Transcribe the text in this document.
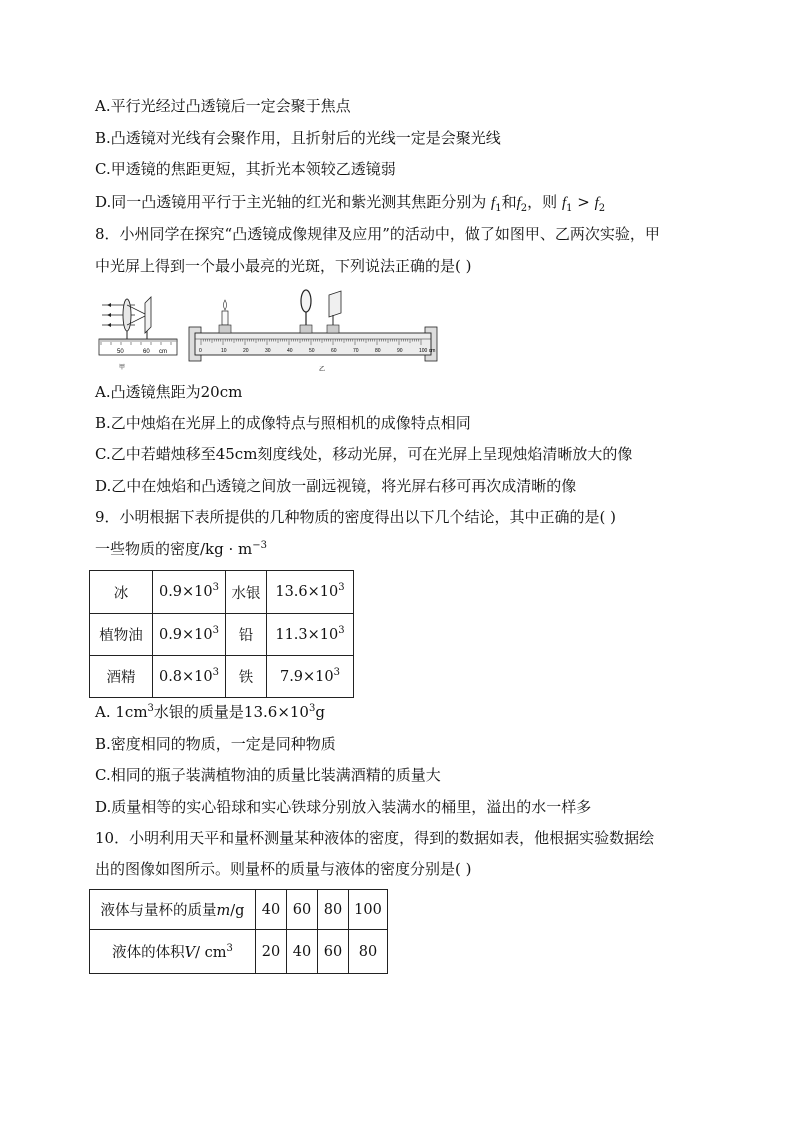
A.平行光经过凸透镜后一定会聚于焦点
B.凸透镜对光线有会聚作用，且折射后的光线一定是会聚光线
C.甲透镜的焦距更短，其折光本领较乙透镜弱
D.同一凸透镜用平行于主光轴的红光和紫光测其焦距分别为 $f_1$和$f_2$，则 $f_1 > f_2$
8．小州同学在探究“凸透镜成像规律及应用”的活动中，做了如图甲、乙两次实验，甲
中光屏上得到一个最小最亮的光斑，下列说法正确的是( )
50	60 cm
甲
0	10	20	30	40	50	60	70	80	90	100 cm
乙
A.凸透镜焦距为20cm
B.乙中烛焰在光屏上的成像特点与照相机的成像特点相同
C.乙中若蜡烛移至45cm刻度线处，移动光屏，可在光屏上呈现烛焰清晰放大的像
D.乙中在烛焰和凸透镜之间放一副远视镜，将光屏右移可再次成清晰的像
9．小明根据下表所提供的几种物质的密度得出以下几个结论，其中正确的是( )
一些物质的密度$/kg \cdot m^{-3}$
冰	$0.9\times 10^3$	水银	$13.6\times 10^3$
植物油	$0.9\times 10^3$	铅	$11.3\times 10^3$
酒精	$0.8\times 10^3$	铁	$7.9\times 10^3$
A. $1cm^3$水银的质量是$13.6\times 10^3g$
B.密度相同的物质，一定是同种物质
C.相同的瓶子装满植物油的质量比装满酒精的质量大
D.质量相等的实心铅球和实心铁球分别放入装满水的桶里，溢出的水一样多
10．小明利用天平和量杯测量某种液体的密度，得到的数据如表，他根据实验数据绘
出的图像如图所示。则量杯的质量与液体的密度分别是( )
液体与量杯的质量m/g	40	60	80	100
液体的体积V/ $cm^3$	20	40	60	80
